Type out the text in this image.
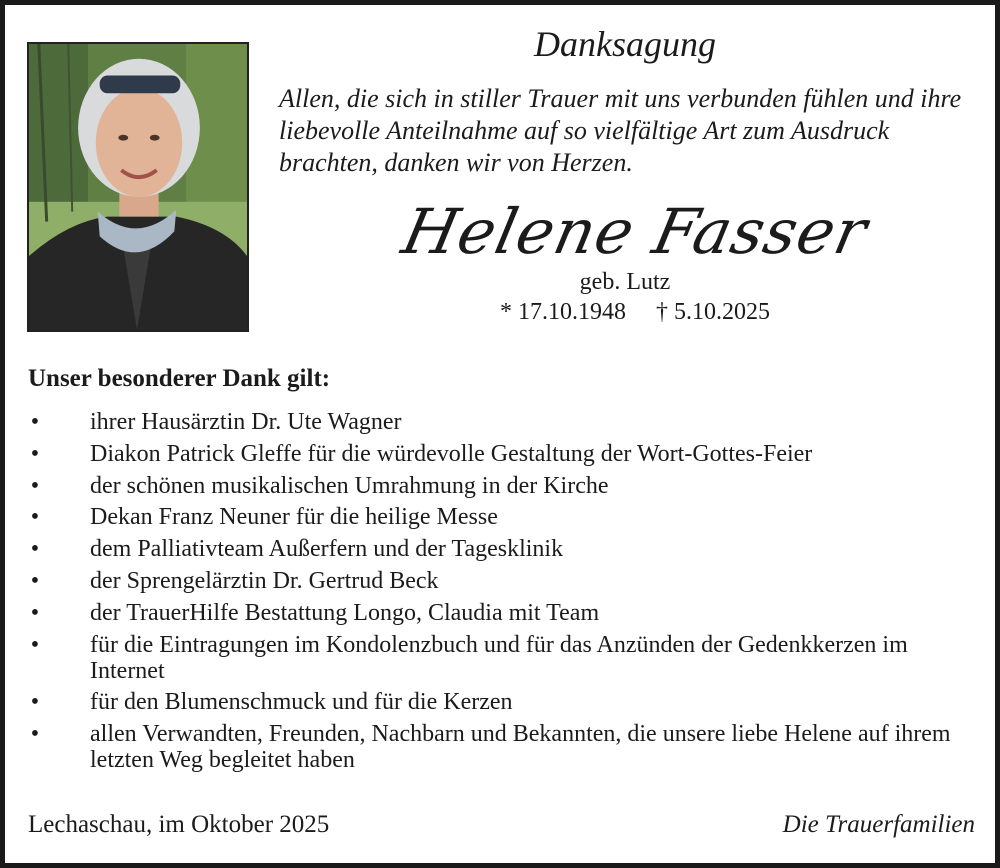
Danksagung
Allen, die sich in stiller Trauer mit uns verbunden fühlen und ihre liebevolle Anteilnahme auf so vielfältige Art zum Ausdruck brachten, danken wir von Herzen.
Helene Fasser
geb. Lutz
* 17.10.1948 † 5.10.2025
Unser besonderer Dank gilt:
• ihrer Hausärztin Dr. Ute Wagner
• Diakon Patrick Gleffe für die würdevolle Gestaltung der Wort-Gottes-Feier
• der schönen musikalischen Umrahmung in der Kirche
• Dekan Franz Neuner für die heilige Messe
• dem Palliativteam Außerfern und der Tagesklinik
• der Sprengelärztin Dr. Gertrud Beck
• der TrauerHilfe Bestattung Longo, Claudia mit Team
• für die Eintragungen im Kondolenzbuch und für das Anzünden der Gedenkkerzen im Internet
• für den Blumenschmuck und für die Kerzen
• allen Verwandten, Freunden, Nachbarn und Bekannten, die unsere liebe Helene auf ihrem letzten Weg begleitet haben
Lechaschau, im Oktober 2025	Die Trauerfamilien
